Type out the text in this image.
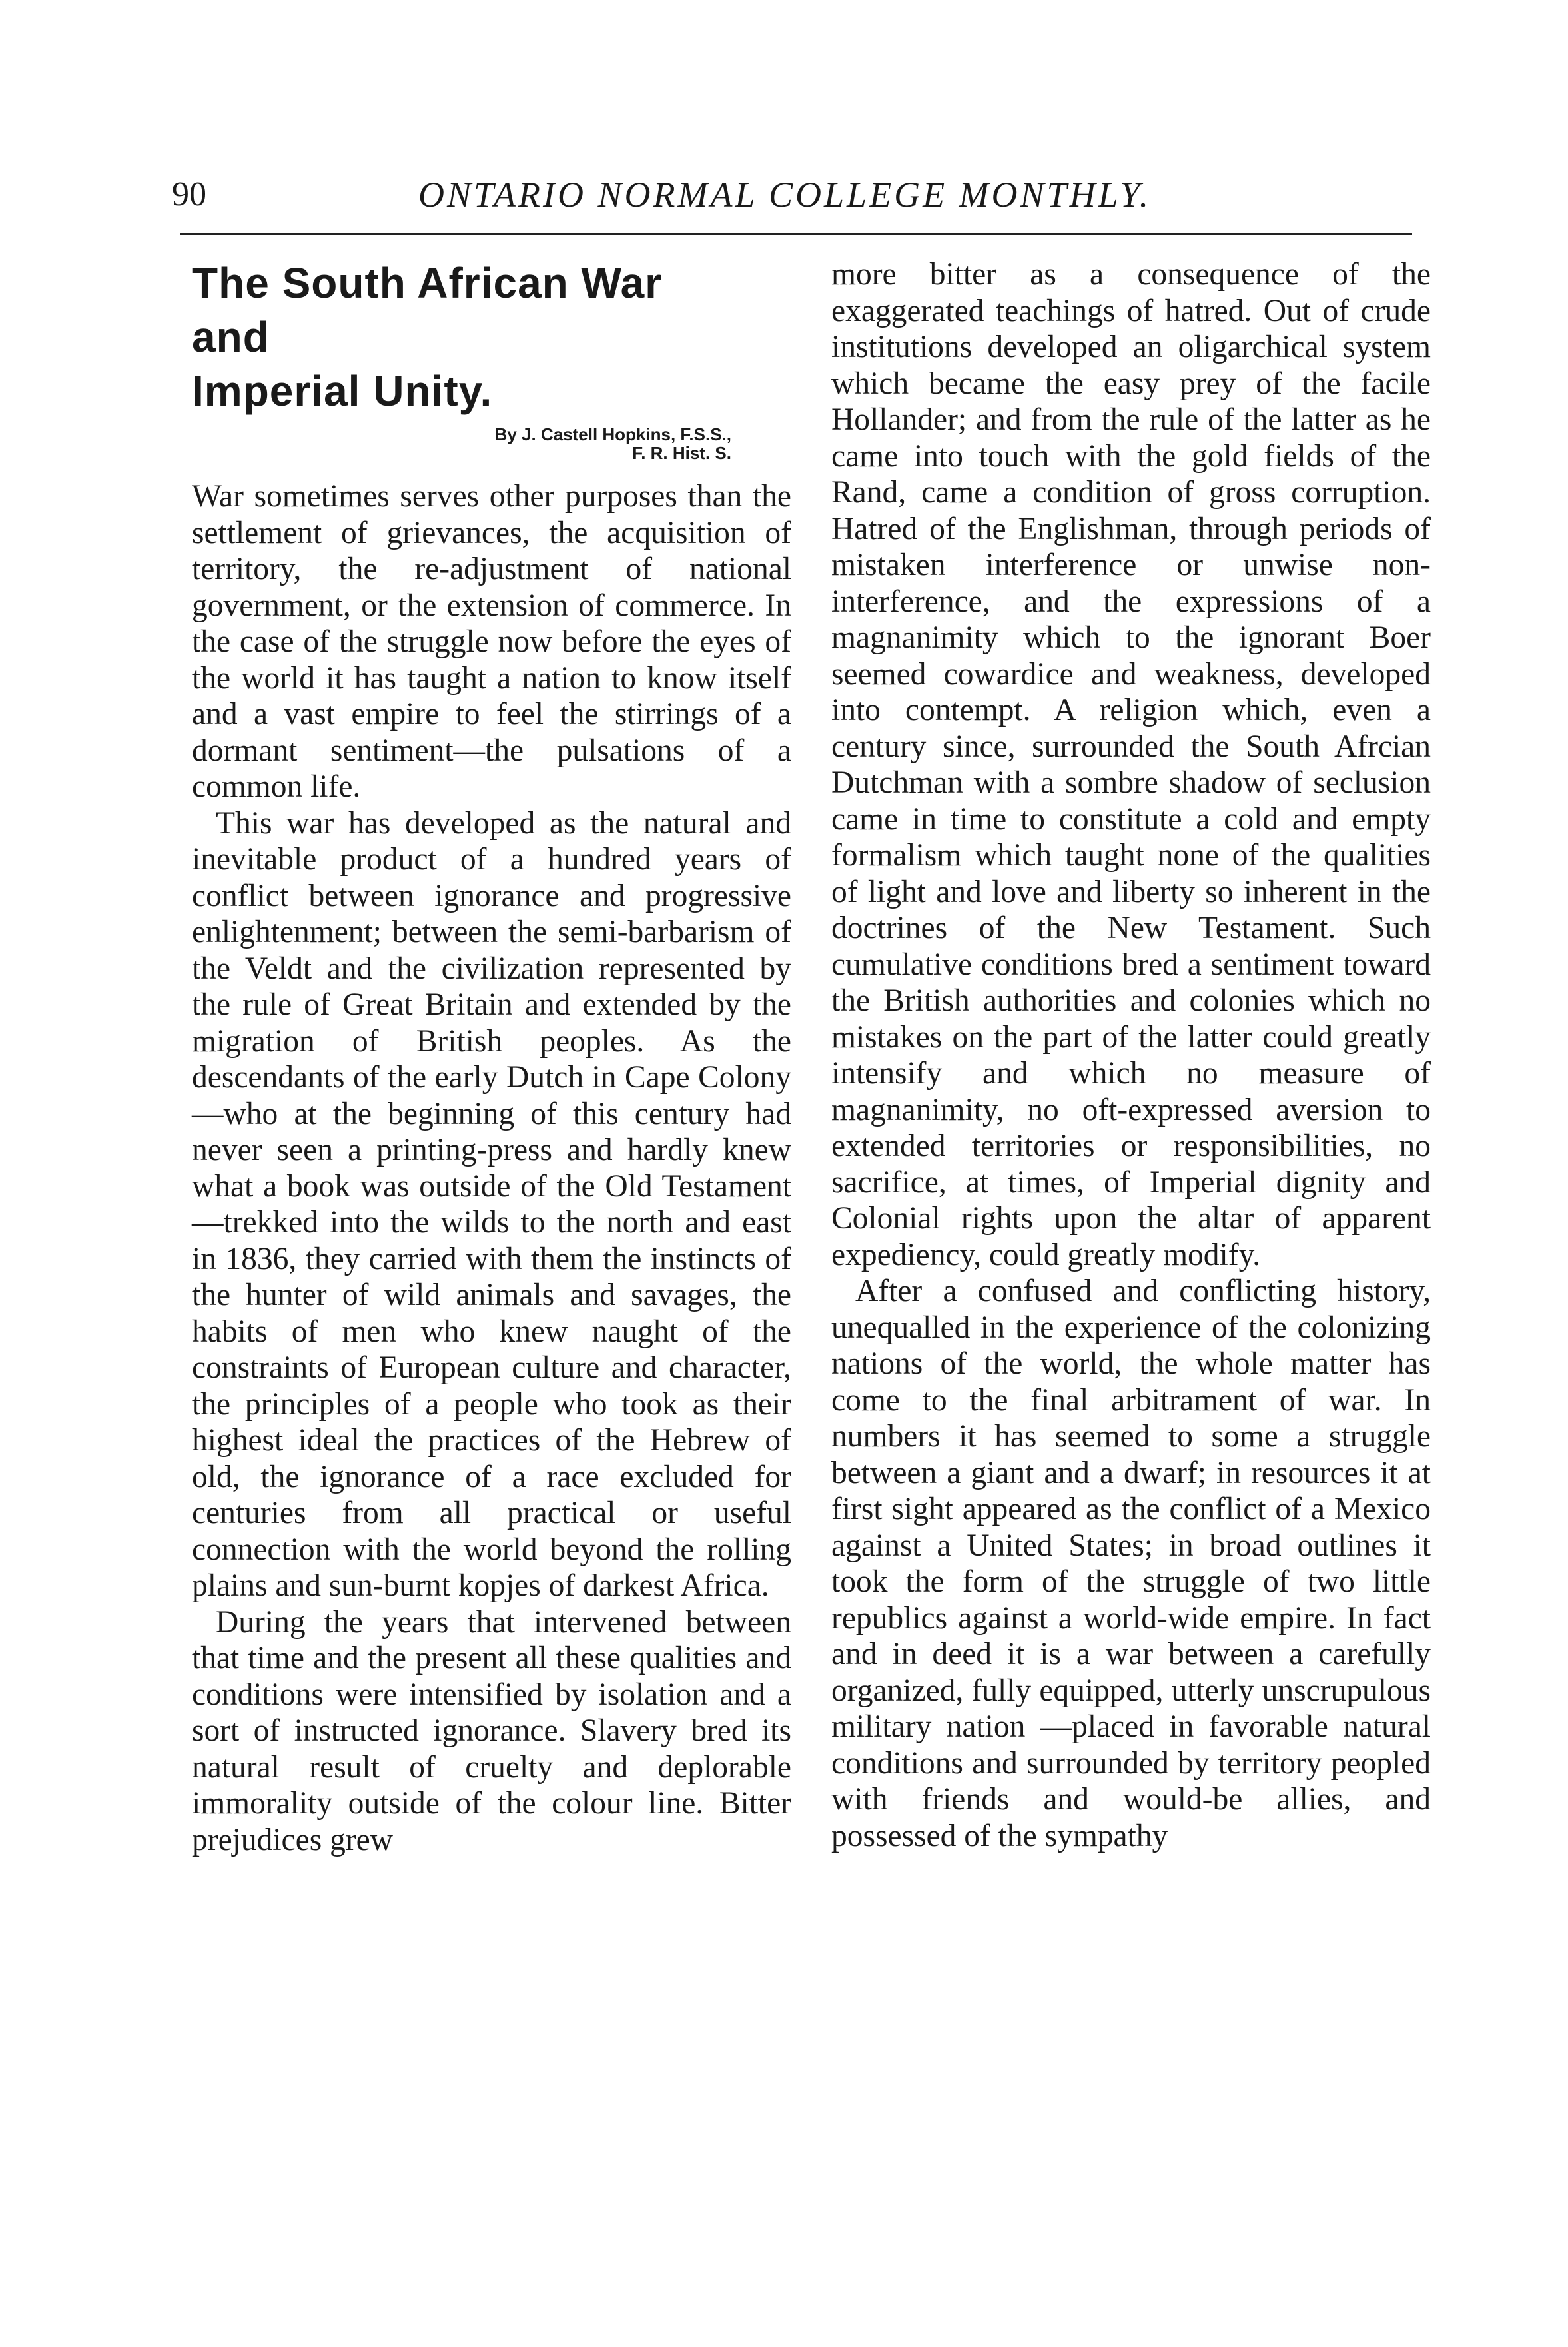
90	ONTARIO NORMAL COLLEGE MONTHLY.
The South African War
and
Imperial Unity.
By J. Castell Hopkins, F.S.S.,
F. R. Hist. S.

War sometimes serves other purposes than the settlement of grievances, the acquisition of territory, the re-adjustment of national government, or the extension of commerce. In the case of the struggle now before the eyes of the world it has taught a nation to know itself and a vast empire to feel the stirrings of a dormant sentiment—the pulsations of a common life.

This war has developed as the natural and inevitable product of a hundred years of conflict between ignorance and progressive enlightenment; between the semi-barbarism of the Veldt and the civilization represented by the rule of Great Britain and extended by the migration of British peoples. As the descendants of the early Dutch in Cape Colony—who at the beginning of this century had never seen a printing-press and hardly knew what a book was outside of the Old Testament—trekked into the wilds to the north and east in 1836, they carried with them the instincts of the hunter of wild animals and savages, the habits of men who knew naught of the constraints of European culture and character, the principles of a people who took as their highest ideal the practices of the Hebrew of old, the ignorance of a race excluded for centuries from all practical or useful connection with the world beyond the rolling plains and sun-burnt kopjes of darkest Africa.

During the years that intervened between that time and the present all these qualities and conditions were intensified by isolation and a sort of instructed ignorance. Slavery bred its natural result of cruelty and deplorable immorality outside of the colour line. Bitter prejudices grew

more bitter as a consequence of the exaggerated teachings of hatred. Out of crude institutions developed an oligarchical system which became the easy prey of the facile Hollander; and from the rule of the latter as he came into touch with the gold fields of the Rand, came a condition of gross corruption. Hatred of the Englishman, through periods of mistaken interference or unwise non-interference, and the expressions of a magnanimity which to the ignorant Boer seemed cowardice and weakness, developed into contempt. A religion which, even a century since, surrounded the South Afrcian Dutchman with a sombre shadow of seclusion came in time to constitute a cold and empty formalism which taught none of the qualities of light and love and liberty so inherent in the doctrines of the New Testament. Such cumulative conditions bred a sentiment toward the British authorities and colonies which no mistakes on the part of the latter could greatly intensify and which no measure of magnanimity, no oft-expressed aversion to extended territories or responsibilities, no sacrifice, at times, of Imperial dignity and Colonial rights upon the altar of apparent expediency, could greatly modify.

After a confused and conflicting history, unequalled in the experience of the colonizing nations of the world, the whole matter has come to the final arbitrament of war. In numbers it has seemed to some a struggle between a giant and a dwarf; in resources it at first sight appeared as the conflict of a Mexico against a United States; in broad outlines it took the form of the struggle of two little republics against a world-wide empire. In fact and in deed it is a war between a carefully organized, fully equipped, utterly unscrupulous military nation —placed in favorable natural conditions and surrounded by territory peopled with friends and would-be allies, and possessed of the sympathy
